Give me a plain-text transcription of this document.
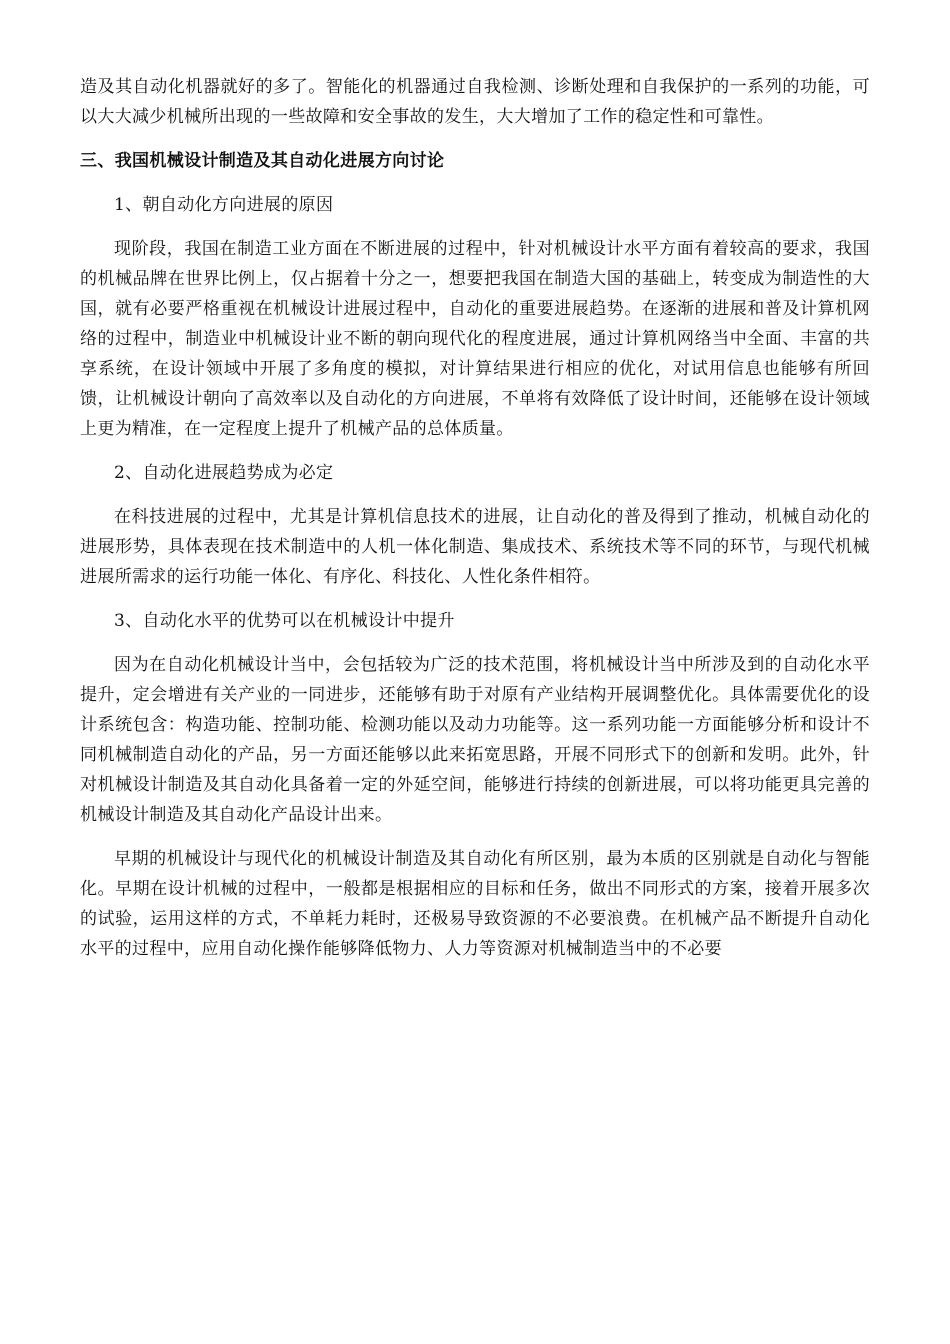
造及其自动化机器就好的多了。智能化的机器通过自我检测、诊断处理和自我保护的一系列的功能，可以大大减少机械所出现的一些故障和安全事故的发生，大大增加了工作的稳定性和可靠性。

三、我国机械设计制造及其自动化进展方向讨论

1、朝自动化方向进展的原因

现阶段，我国在制造工业方面在不断进展的过程中，针对机械设计水平方面有着较高的要求，我国的机械品牌在世界比例上，仅占据着十分之一，想要把我国在制造大国的基础上，转变成为制造性的大国，就有必要严格重视在机械设计进展过程中，自动化的重要进展趋势。在逐渐的进展和普及计算机网络的过程中，制造业中机械设计业不断的朝向现代化的程度进展，通过计算机网络当中全面、丰富的共享系统，在设计领域中开展了多角度的模拟，对计算结果进行相应的优化，对试用信息也能够有所回馈，让机械设计朝向了高效率以及自动化的方向进展，不单将有效降低了设计时间，还能够在设计领域上更为精准，在一定程度上提升了机械产品的总体质量。

2、自动化进展趋势成为必定

在科技进展的过程中，尤其是计算机信息技术的进展，让自动化的普及得到了推动，机械自动化的进展形势，具体表现在技术制造中的人机一体化制造、集成技术、系统技术等不同的环节，与现代机械进展所需求的运行功能一体化、有序化、科技化、人性化条件相符。

3、自动化水平的优势可以在机械设计中提升

因为在自动化机械设计当中，会包括较为广泛的技术范围，将机械设计当中所涉及到的自动化水平提升，定会增进有关产业的一同进步，还能够有助于对原有产业结构开展调整优化。具体需要优化的设计系统包含：构造功能、控制功能、检测功能以及动力功能等。这一系列功能一方面能够分析和设计不同机械制造自动化的产品，另一方面还能够以此来拓宽思路，开展不同形式下的创新和发明。此外，针对机械设计制造及其自动化具备着一定的外延空间，能够进行持续的创新进展，可以将功能更具完善的机械设计制造及其自动化产品设计出来。

早期的机械设计与现代化的机械设计制造及其自动化有所区别，最为本质的区别就是自动化与智能化。早期在设计机械的过程中，一般都是根据相应的目标和任务，做出不同形式的方案，接着开展多次的试验，运用这样的方式，不单耗力耗时，还极易导致资源的不必要浪费。在机械产品不断提升自动化水平的过程中，应用自动化操作能够降低物力、人力等资源对机械制造当中的不必要
